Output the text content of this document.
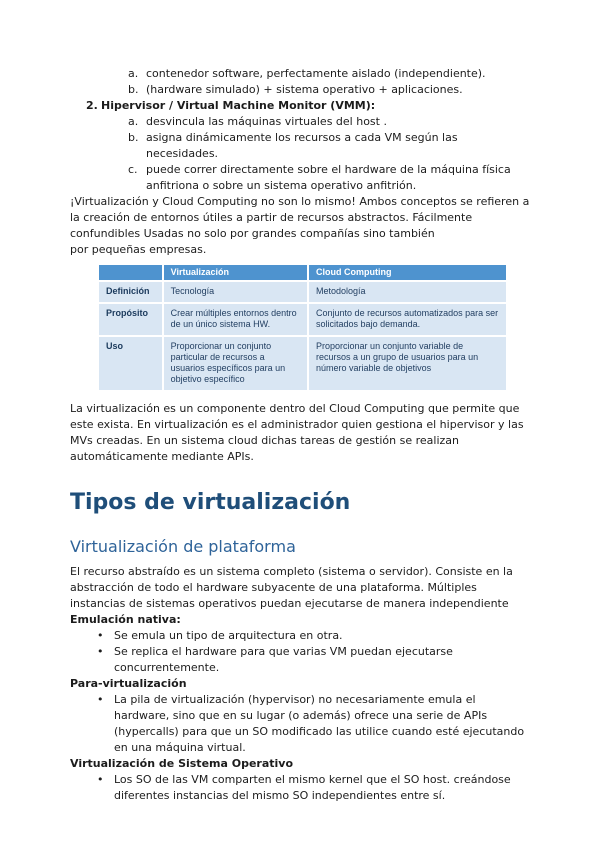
a. contenedor software, perfectamente aislado (independiente).
b. (hardware simulado) + sistema operativo + aplicaciones.
2. Hipervisor / Virtual Machine Monitor (VMM):
a. desvincula las máquinas virtuales del host .
b. asigna dinámicamente los recursos a cada VM según las necesidades.
c. puede correr directamente sobre el hardware de la máquina física anfitriona o sobre un sistema operativo anfitrión.
¡Virtualización y Cloud Computing no son lo mismo! Ambos conceptos se refieren a la creación de entornos útiles a partir de recursos abstractos. Fácilmente confundibles Usadas no solo por grandes compañías sino también
por pequeñas empresas.
	Virtualización	Cloud Computing
Definición	Tecnología	Metodología
Propósito	Crear múltiples entornos dentro de un único sistema HW.	Conjunto de recursos automatizados para ser solicitados bajo demanda.
Uso	Proporcionar un conjunto particular de recursos a usuarios específicos para un objetivo específico	Proporcionar un conjunto variable de recursos a un grupo de usuarios para un número variable de objetivos

La virtualización es un componente dentro del Cloud Computing que permite que este exista. En virtualización es el administrador quien gestiona el hipervisor y las MVs creadas. En un sistema cloud dichas tareas de gestión se realizan automáticamente mediante APIs.

Tipos de virtualización
Virtualización de plataforma

El recurso abstraído es un sistema completo (sistema o servidor). Consiste en la abstracción de todo el hardware subyacente de una plataforma. Múltiples instancias de sistemas operativos puedan ejecutarse de manera independiente

Emulación nativa:
• Se emula un tipo de arquitectura en otra.
• Se replica el hardware para que varias VM puedan ejecutarse concurrentemente.
Para-virtualización
• La pila de virtualización (hypervisor) no necesariamente emula el hardware, sino que en su lugar (o además) ofrece una serie de APIs (hypercalls) para que un SO modificado las utilice cuando esté ejecutando en una máquina virtual.
Virtualización de Sistema Operativo
• Los SO de las VM comparten el mismo kernel que el SO host. creándose diferentes instancias del mismo SO independientes entre sí.
